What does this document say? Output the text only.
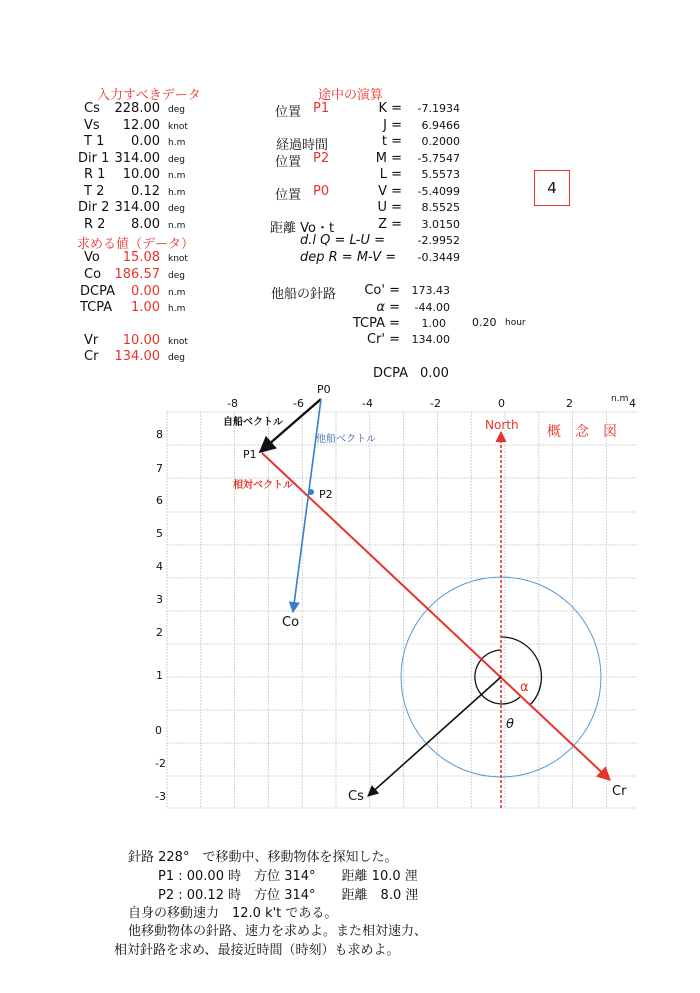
入力すべきデータ
Cs	228.00 deg
Vs	12.00 knot
T 1	0.00 h.m
Dir 1 314.00 deg
R 1	10.00 n.m
T 2	0.12 h.m
Dir 2 314.00 deg
R 2	8.00 n.m
求める値（データ）
Vo	15.08 knot
Co	186.57 deg
DCPA	0.00 n.m
TCPA	1.00 h.m
Vr	10.00 knot
Cr	134.00 deg
途中の演算
位置 P1	K =	-7.1934
J =	6.9466
経過時間	t =	0.2000
位置 P2	M =	-5.7547
L =	5.5573
位置 P0	V =	-5.4099
U =	8.5525
距離 Vo・t	Z =	3.0150
d.l Q = L-U =	-2.9952
dep R = M-V =	-0.3449
他船の針路	Co' =	173.43
α =	-44.00
TCPA =	1.00 0.20 hour
Cr' =	134.00
DCPA 0.00
4
n.m
-8	-6	-4	-2	0	2	4
8
7
6
5
4
3
2
1
0
-2
-3
North 概　念　図
P0
P1
P2
自船ベクトル
他船ベクトル
相対ベクトル
Co
Cs	Cr
α
θ
針路 228°　で移動中、移動物体を探知した。
P1 : 00.00 時　方位 314°　　距離 10.0 浬
P2 : 00.12 時　方位 314°　　距離　8.0 浬
自身の移動速力　12.0 k't である。
他移動物体の針路、速力を求めよ。また相対速力、
相対針路を求め、最接近時間（時刻）も求めよ。
